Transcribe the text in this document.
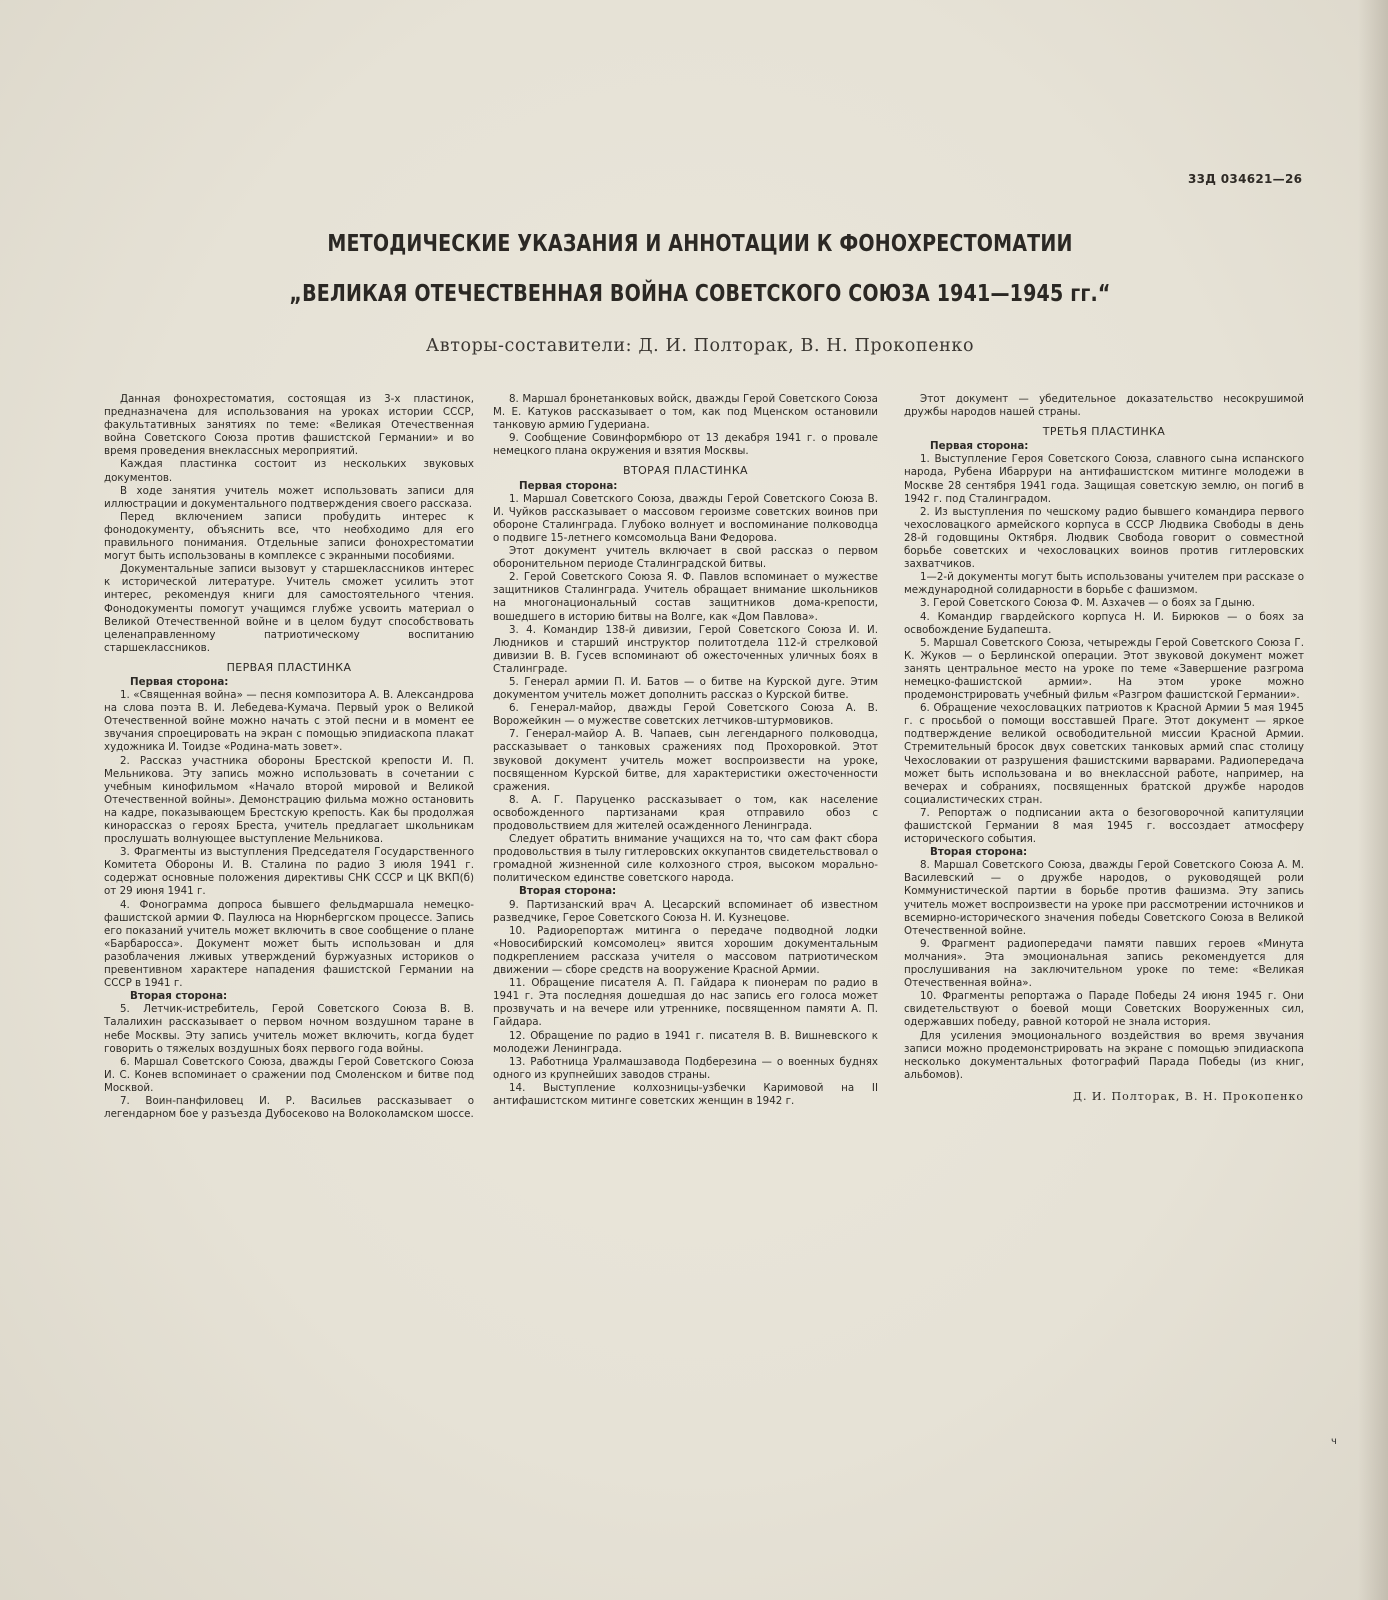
33Д 034621—26
МЕТОДИЧЕСКИЕ УКАЗАНИЯ И АННОТАЦИИ К ФОНОХРЕСТОМАТИИ
„ВЕЛИКАЯ ОТЕЧЕСТВЕННАЯ ВОЙНА СОВЕТСКОГО СОЮЗА 1941—1945 гг.“
Авторы-составители: Д. И. Полторак, В. Н. Прокопенко

Данная фонохрестоматия, состоящая из 3-х пластинок, предназначена для использования на уроках истории СССР, факультативных занятиях по теме: «Великая Отечественная война Советского Союза против фашистской Германии» и во время проведения внеклассных мероприятий.

Каждая пластинка состоит из нескольких звуковых документов.

В ходе занятия учитель может использовать записи для иллюстрации и документального подтверждения своего рассказа.

Перед включением записи пробудить интерес к фонодокументу, объяснить все, что необходимо для его правильного понимания. Отдельные записи фонохрестоматии могут быть использованы в комплексе с экранными пособиями.

Документальные записи вызовут у старшеклассников интерес к исторической литературе. Учитель сможет усилить этот интерес, рекомендуя книги для самостоятельного чтения. Фонодокументы помогут учащимся глубже усвоить материал о Великой Отечественной войне и в целом будут способствовать целенаправленному патриотическому воспитанию старшеклассников.

ПЕРВАЯ ПЛАСТИНКА

Первая сторона:

1. «Священная война» — песня композитора А. В. Александрова на слова поэта В. И. Лебедева-Кумача. Первый урок о Великой Отечественной войне можно начать с этой песни и в момент ее звучания спроецировать на экран с помощью эпидиаскопа плакат художника И. Тоидзе «Родина-мать зовет».

2. Рассказ участника обороны Брестской крепости И. П. Мельникова. Эту запись можно использовать в сочетании с учебным кинофильмом «Начало второй мировой и Великой Отечественной войны». Демонстрацию фильма можно остановить на кадре, показывающем Брестскую крепость. Как бы продолжая кинорассказ о героях Бреста, учитель предлагает школьникам прослушать волнующее выступление Мельникова.

3. Фрагменты из выступления Председателя Государственного Комитета Обороны И. В. Сталина по радио 3 июля 1941 г. содержат основные положения директивы СНК СССР и ЦК ВКП(б) от 29 июня 1941 г.

4. Фонограмма допроса бывшего фельдмаршала немецко-фашистской армии Ф. Паулюса на Нюрнбергском процессе. Запись его показаний учитель может включить в свое сообщение о плане «Барбаросса». Документ может быть использован и для разоблачения лживых утверждений буржуазных историков о превентивном характере нападения фашистской Германии на СССР в 1941 г.

Вторая сторона:

5. Летчик-истребитель, Герой Советского Союза В. В. Талалихин рассказывает о первом ночном воздушном таране в небе Москвы. Эту запись учитель может включить, когда будет говорить о тяжелых воздушных боях первого года войны.

6. Маршал Советского Союза, дважды Герой Советского Союза И. С. Конев вспоминает о сражении под Смоленском и битве под Москвой.

7. Воин-панфиловец И. Р. Васильев рассказывает о легендарном бое у разъезда Дубосеково на Волоколамском шоссе.

8. Маршал бронетанковых войск, дважды Герой Советского Союза М. Е. Катуков рассказывает о том, как под Мценском остановили танковую армию Гудериана.

9. Сообщение Совинформбюро от 13 декабря 1941 г. о провале немецкого плана окружения и взятия Москвы.

ВТОРАЯ ПЛАСТИНКА

Первая сторона:

1. Маршал Советского Союза, дважды Герой Советского Союза В. И. Чуйков рассказывает о массовом героизме советских воинов при обороне Сталинграда. Глубоко волнует и воспоминание полководца о подвиге 15-летнего комсомольца Вани Федорова.

Этот документ учитель включает в свой рассказ о первом оборонительном периоде Сталинградской битвы.

2. Герой Советского Союза Я. Ф. Павлов вспоминает о мужестве защитников Сталинграда. Учитель обращает внимание школьников на многонациональный состав защитников дома-крепости, вошедшего в историю битвы на Волге, как «Дом Павлова».

3. 4. Командир 138-й дивизии, Герой Советского Союза И. И. Людников и старший инструктор политотдела 112-й стрелковой дивизии В. В. Гусев вспоминают об ожесточенных уличных боях в Сталинграде.

5. Генерал армии П. И. Батов — о битве на Курской дуге. Этим документом учитель может дополнить рассказ о Курской битве.

6. Генерал-майор, дважды Герой Советского Союза А. В. Ворожейкин — о мужестве советских летчиков-штурмовиков.

7. Генерал-майор А. В. Чапаев, сын легендарного полководца, рассказывает о танковых сражениях под Прохоровкой. Этот звуковой документ учитель может воспроизвести на уроке, посвященном Курской битве, для характеристики ожесточенности сражения.

8. А. Г. Паруценко рассказывает о том, как население освобожденного партизанами края отправило обоз с продовольствием для жителей осажденного Ленинграда.

Следует обратить внимание учащихся на то, что сам факт сбора продовольствия в тылу гитлеровских оккупантов свидетельствовал о громадной жизненной силе колхозного строя, высоком морально-политическом единстве советского народа.

Вторая сторона:

9. Партизанский врач А. Цесарский вспоминает об известном разведчике, Герое Советского Союза Н. И. Кузнецове.

10. Радиорепортаж митинга о передаче подводной лодки «Новосибирский комсомолец» явится хорошим документальным подкреплением рассказа учителя о массовом патриотическом движении — сборе средств на вооружение Красной Армии.

11. Обращение писателя А. П. Гайдара к пионерам по радио в 1941 г. Эта последняя дошедшая до нас запись его голоса может прозвучать и на вечере или утреннике, посвященном памяти А. П. Гайдара.

12. Обращение по радио в 1941 г. писателя В. В. Вишневского к молодежи Ленинграда.

13. Работница Уралмашзавода Подберезина — о военных буднях одного из крупнейших заводов страны.

14. Выступление колхозницы-узбечки Каримовой на II антифашистском митинге советских женщин в 1942 г.

Этот документ — убедительное доказательство несокрушимой дружбы народов нашей страны.

ТРЕТЬЯ ПЛАСТИНКА

Первая сторона:

1. Выступление Героя Советского Союза, славного сына испанского народа, Рубена Ибаррури на антифашистском митинге молодежи в Москве 28 сентября 1941 года. Защищая советскую землю, он погиб в 1942 г. под Сталинградом.

2. Из выступления по чешскому радио бывшего командира первого чехословацкого армейского корпуса в СССР Людвика Свободы в день 28-й годовщины Октября. Людвик Свобода говорит о совместной борьбе советских и чехословацких воинов против гитлеровских захватчиков.

1—2-й документы могут быть использованы учителем при рассказе о международной солидарности в борьбе с фашизмом.

3. Герой Советского Союза Ф. М. Азхачев — о боях за Гдыню.

4. Командир гвардейского корпуса Н. И. Бирюков — о боях за освобождение Будапешта.

5. Маршал Советского Союза, четырежды Герой Советского Союза Г. К. Жуков — о Берлинской операции. Этот звуковой документ может занять центральное место на уроке по теме «Завершение разгрома немецко-фашистской армии». На этом уроке можно продемонстрировать учебный фильм «Разгром фашистской Германии».

6. Обращение чехословацких патриотов к Красной Армии 5 мая 1945 г. с просьбой о помощи восставшей Праге. Этот документ — яркое подтверждение великой освободительной миссии Красной Армии. Стремительный бросок двух советских танковых армий спас столицу Чехословакии от разрушения фашистскими варварами. Радиопередача может быть использована и во внеклассной работе, например, на вечерах и собраниях, посвященных братской дружбе народов социалистических стран.

7. Репортаж о подписании акта о безоговорочной капитуляции фашистской Германии 8 мая 1945 г. воссоздает атмосферу исторического события.

Вторая сторона:

8. Маршал Советского Союза, дважды Герой Советского Союза А. М. Василевский — о дружбе народов, о руководящей роли Коммунистической партии в борьбе против фашизма. Эту запись учитель может воспроизвести на уроке при рассмотрении источников и всемирно-исторического значения победы Советского Союза в Великой Отечественной войне.

9. Фрагмент радиопередачи памяти павших героев «Минута молчания». Эта эмоциональная запись рекомендуется для прослушивания на заключительном уроке по теме: «Великая Отечественная война».

10. Фрагменты репортажа о Параде Победы 24 июня 1945 г. Они свидетельствуют о боевой мощи Советских Вооруженных сил, одержавших победу, равной которой не знала история.

Для усиления эмоционального воздействия во время звучания записи можно продемонстрировать на экране с помощью эпидиаскопа несколько документальных фотографий Парада Победы (из книг, альбомов).

Д. И. Полторак, В. Н. Прокопенко

ч
